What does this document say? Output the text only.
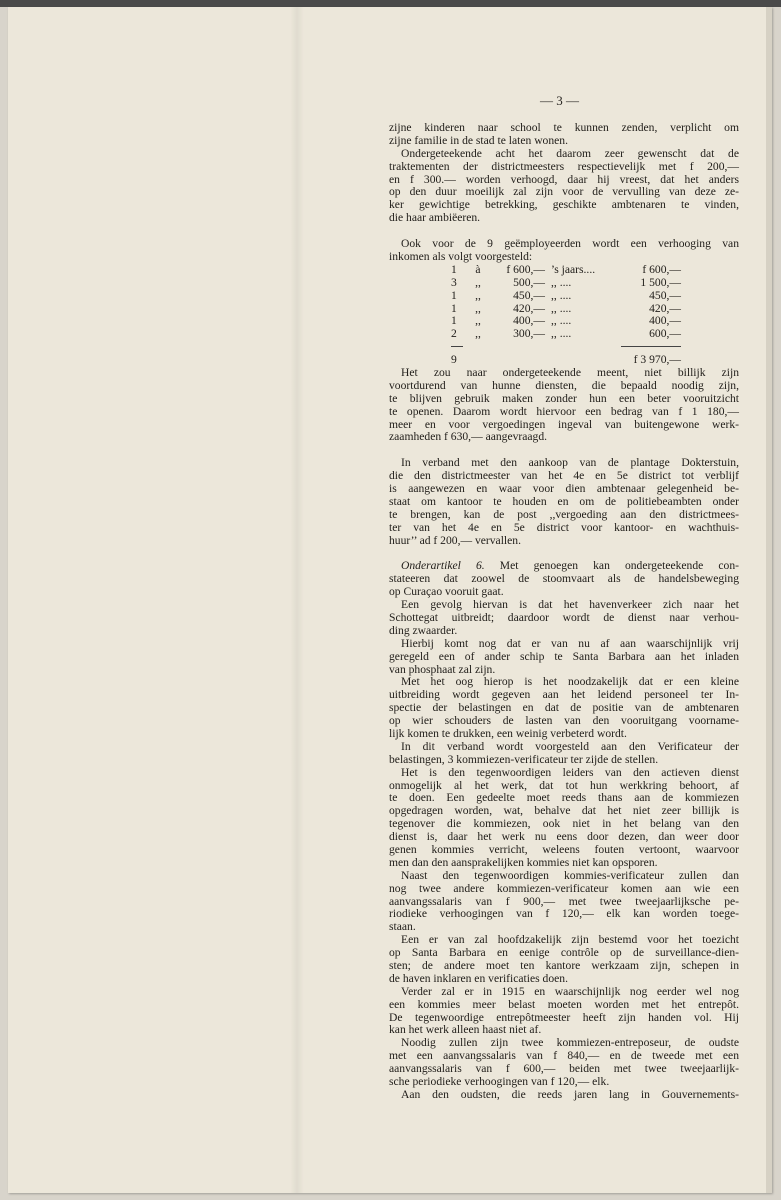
— 3 —
zijne kinderen naar school te kunnen zenden, verplicht om
zijne familie in de stad te laten wonen.
Ondergeteekende acht het daarom zeer gewenscht dat de
traktementen der districtmeesters respectievelijk met f 200,—
en f 300.— worden verhoogd, daar hij vreest, dat het anders
op den duur moeilijk zal zijn voor de vervulling van deze ze-
ker gewichtige betrekking, geschikte ambtenaren te vinden,
die haar ambiëeren.
Ook voor de 9 geëmployeerden wordt een verhooging van
inkomen als volgt voorgesteld:
1	à	f 600,—	’s jaars....	f 600,—
3	,,	500,—	,, ....	1 500,—
1	,,	450,—	,, ....	450,—
1	,,	420,—	,, ....	420,—
1	,,	400,—	,, ....	400,—
2	,,	300,—	,, ....	600,—

9				f 3 970,—
Het zou naar ondergeteekende meent, niet billijk zijn
voortdurend van hunne diensten, die bepaald noodig zijn,
te blijven gebruik maken zonder hun een beter vooruitzicht
te openen. Daarom wordt hiervoor een bedrag van f 1 180,—
meer en voor vergoedingen ingeval van buitengewone werk-
zaamheden f 630,— aangevraagd.
In verband met den aankoop van de plantage Dokterstuin,
die den districtmeester van het 4e en 5e district tot verblijf
is aangewezen en waar voor dien ambtenaar gelegenheid be-
staat om kantoor te houden en om de politiebeambten onder
te brengen, kan de post ,,vergoeding aan den districtmees-
ter van het 4e en 5e district voor kantoor- en wachthuis-
huur’’ ad f 200,— vervallen.
Onderartikel 6. Met genoegen kan ondergeteekende con-
stateeren dat zoowel de stoomvaart als de handelsbeweging
op Curaçao vooruit gaat.
Een gevolg hiervan is dat het havenverkeer zich naar het
Schottegat uitbreidt; daardoor wordt de dienst naar verhou-
ding zwaarder.
Hierbij komt nog dat er van nu af aan waarschijnlijk vrij
geregeld een of ander schip te Santa Barbara aan het inladen
van phosphaat zal zijn.
Met het oog hierop is het noodzakelijk dat er een kleine
uitbreiding wordt gegeven aan het leidend personeel ter In-
spectie der belastingen en dat de positie van de ambtenaren
op wier schouders de lasten van den vooruitgang voorname-
lijk komen te drukken, een weinig verbeterd wordt.
In dit verband wordt voorgesteld aan den Verificateur der
belastingen, 3 kommiezen-verificateur ter zijde de stellen.
Het is den tegenwoordigen leiders van den actieven dienst
onmogelijk al het werk, dat tot hun werkkring behoort, af
te doen. Een gedeelte moet reeds thans aan de kommiezen
opgedragen worden, wat, behalve dat het niet zeer billijk is
tegenover die kommiezen, ook niet in het belang van den
dienst is, daar het werk nu eens door dezen, dan weer door
genen kommies verricht, weleens fouten vertoont, waarvoor
men dan den aansprakelijken kommies niet kan opsporen.
Naast den tegenwoordigen kommies-verificateur zullen dan
nog twee andere kommiezen-verificateur komen aan wie een
aanvangssalaris van f 900,— met twee tweejaarlijksche pe-
riodieke verhoogingen van f 120,— elk kan worden toege-
staan.
Een er van zal hoofdzakelijk zijn bestemd voor het toezicht
op Santa Barbara en eenige contrôle op de surveillance-dien-
sten; de andere moet ten kantore werkzaam zijn, schepen in
de haven inklaren en verificaties doen.
Verder zal er in 1915 en waarschijnlijk nog eerder wel nog
een kommies meer belast moeten worden met het entrepôt.
De tegenwoordige entrepôtmeester heeft zijn handen vol. Hij
kan het werk alleen haast niet af.
Noodig zullen zijn twee kommiezen-entreposeur, de oudste
met een aanvangssalaris van f 840,— en de tweede met een
aanvangssalaris van f 600,— beiden met twee tweejaarlijk-
sche periodieke verhoogingen van f 120,— elk.
Aan den oudsten, die reeds jaren lang in Gouvernements-
